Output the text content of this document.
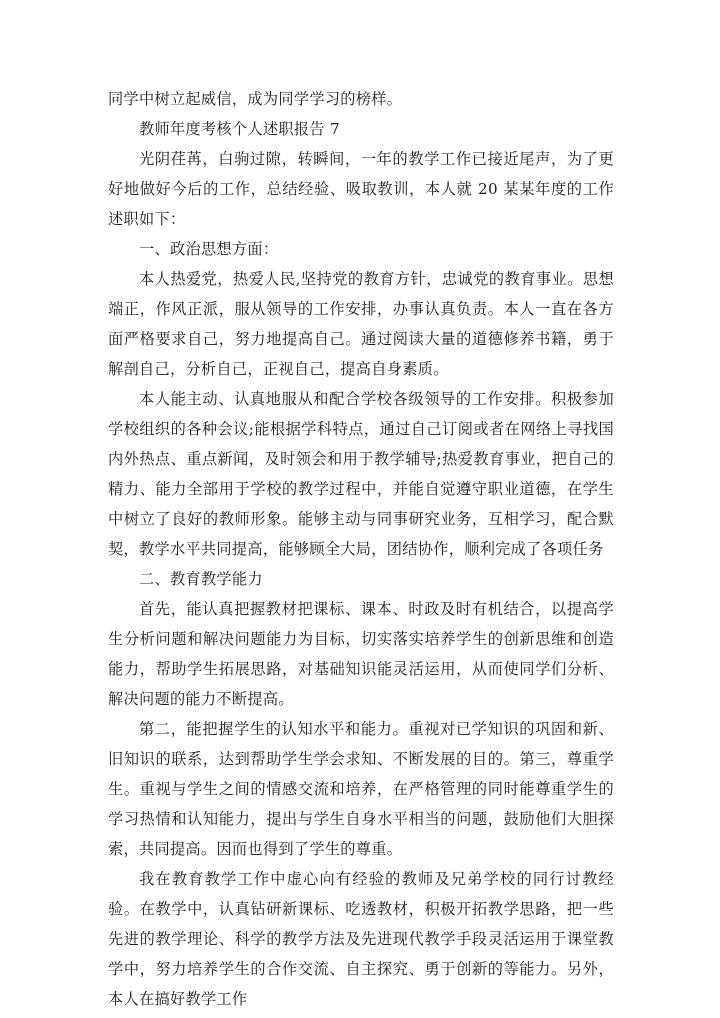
同学中树立起威信，成为同学学习的榜样。

教师年度考核个人述职报告 7

光阴荏苒，白驹过隙，转瞬间，一年的教学工作已接近尾声，为了更好地做好今后的工作，总结经验、吸取教训，本人就 20 某某年度的工作述职如下：

一、政治思想方面：

本人热爱党，热爱人民,坚持党的教育方针，忠诚党的教育事业。思想端正，作风正派，服从领导的工作安排，办事认真负责。本人一直在各方面严格要求自己，努力地提高自己。通过阅读大量的道德修养书籍，勇于解剖自己，分析自己，正视自己，提高自身素质。

本人能主动、认真地服从和配合学校各级领导的工作安排。积极参加学校组织的各种会议;能根据学科特点，通过自己订阅或者在网络上寻找国内外热点、重点新闻，及时领会和用于教学辅导;热爱教育事业，把自己的精力、能力全部用于学校的教学过程中，并能自觉遵守职业道德，在学生中树立了良好的教师形象。能够主动与同事研究业务，互相学习，配合默契，教学水平共同提高，能够顾全大局，团结协作，顺利完成了各项任务

二、教育教学能力

首先，能认真把握教材把课标、课本、时政及时有机结合，以提高学生分析问题和解决问题能力为目标，切实落实培养学生的创新思维和创造能力，帮助学生拓展思路，对基础知识能灵活运用，从而使同学们分析、解决问题的能力不断提高。

第二，能把握学生的认知水平和能力。重视对已学知识的巩固和新、旧知识的联系，达到帮助学生学会求知、不断发展的目的。第三，尊重学生。重视与学生之间的情感交流和培养，在严格管理的同时能尊重学生的学习热情和认知能力，提出与学生自身水平相当的问题，鼓励他们大胆探索，共同提高。因而也得到了学生的尊重。

我在教育教学工作中虚心向有经验的教师及兄弟学校的同行讨教经验。在教学中，认真钻研新课标、吃透教材，积极开拓教学思路，把一些先进的教学理论、科学的教学方法及先进现代教学手段灵活运用于课堂教学中，努力培养学生的合作交流、自主探究、勇于创新的等能力。另外，本人在搞好教学工作
